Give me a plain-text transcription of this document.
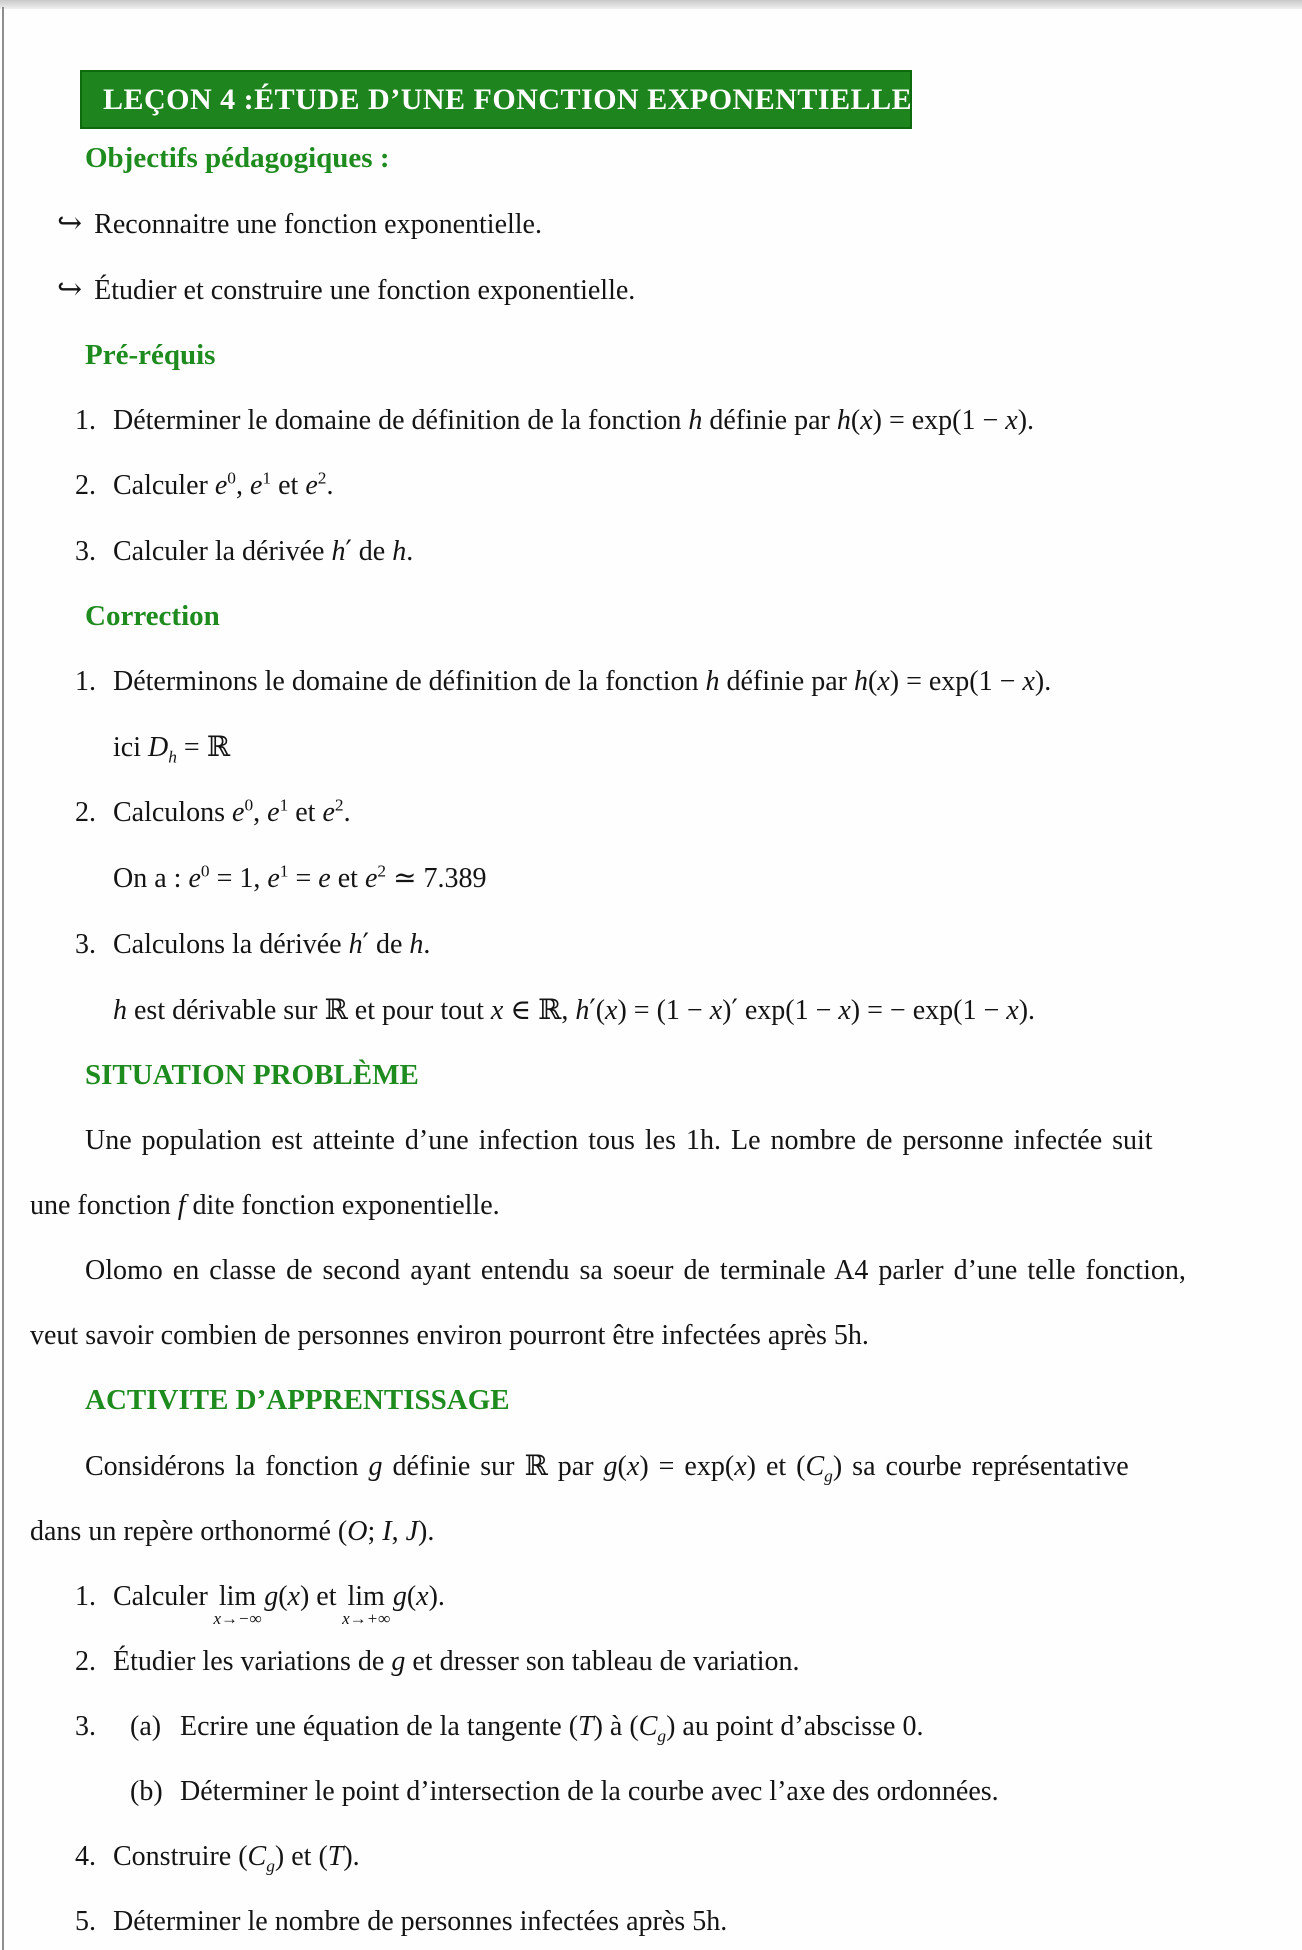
LEÇON 4 :ÉTUDE D’UNE FONCTION EXPONENTIELLE
Objectifs pédagogiques :
↪ Reconnaitre une fonction exponentielle.
↪ Étudier et construire une fonction exponentielle.
Pré-réquis
1. Déterminer le domaine de définition de la fonction h définie par h(x) = exp(1 − x).
2. Calculer $e^0$, $e^1$ et $e^2$.
3. Calculer la dérivée h′ de h.
Correction
1. Déterminons le domaine de définition de la fonction h définie par h(x) = exp(1 − x).
ici $D_h$ = ℝ
2. Calculons $e^0$, $e^1$ et $e^2$.
On a : $e^0 = 1$, $e^1 = e$ et $e^2$ ≃ 7.389
3. Calculons la dérivée h′ de h.
h est dérivable sur ℝ et pour tout x ∈ ℝ, h′(x) = (1 − x)′ exp(1 − x) = − exp(1 − x).
SITUATION PROBLÈME
Une population est atteinte d’une infection tous les 1h. Le nombre de personne infectée suit
une fonction f dite fonction exponentielle.
Olomo en classe de second ayant entendu sa soeur de terminale A4 parler d’une telle fonction,
veut savoir combien de personnes environ pourront être infectées après 5h.
ACTIVITE D’APPRENTISSAGE
Considérons la fonction g définie sur ℝ par g(x) = exp(x) et $(C_g)$ sa courbe représentative
dans un repère orthonormé (O; I, J).
1. Calculer lim
x→−∞
g(x) et lim
x→+∞
g(x).
2. Étudier les variations de g et dresser son tableau de variation.
3. (a) Ecrire une équation de la tangente (T) à $(C_g)$ au point d’abscisse 0.
(b) Déterminer le point d’intersection de la courbe avec l’axe des ordonnées.
4. Construire $(C_g)$ et (T).
5. Déterminer le nombre de personnes infectées après 5h.
